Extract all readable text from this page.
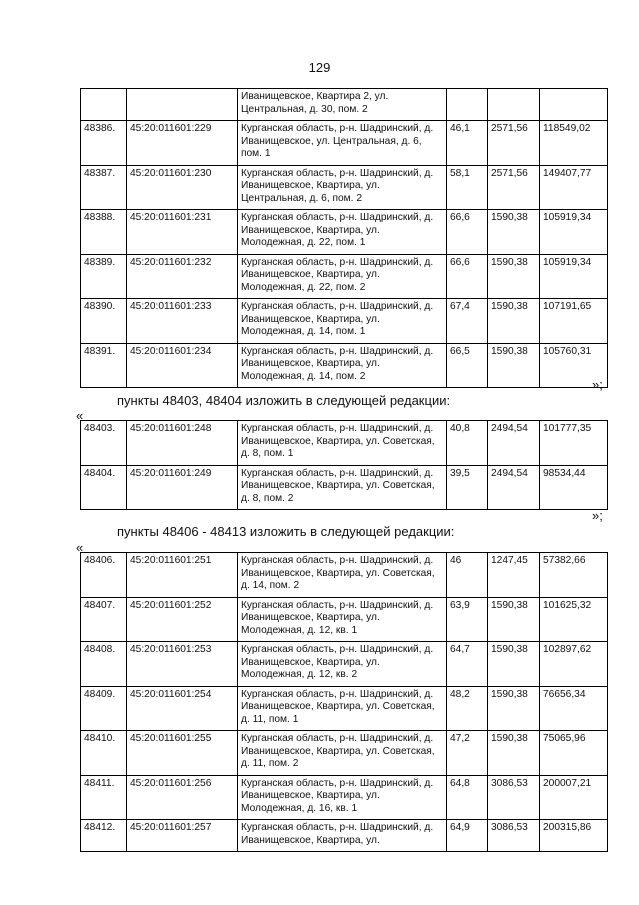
129
		Иванищевское, Квартира 2, ул. Центральная, д. 30, пом. 2			
48386.	45:20:011601:229	Курганская область, р-н. Шадринский, д. Иванищевское, ул. Центральная, д. 6, пом. 1	46,1	2571,56	118549,02
48387.	45:20:011601:230	Курганская область, р-н. Шадринский, д. Иванищевское, Квартира, ул. Центральная, д. 6, пом. 2	58,1	2571,56	149407,77
48388.	45:20:011601:231	Курганская область, р-н. Шадринский, д. Иванищевское, Квартира, ул. Молодежная, д. 22, пом. 1	66,6	1590,38	105919,34
48389.	45:20:011601:232	Курганская область, р-н. Шадринский, д. Иванищевское, Квартира, ул. Молодежная, д. 22, пом. 2	66,6	1590,38	105919,34
48390.	45:20:011601:233	Курганская область, р-н. Шадринский, д. Иванищевское, Квартира, ул. Молодежная, д. 14, пом. 1	67,4	1590,38	107191,65
48391.	45:20:011601:234	Курганская область, р-н. Шадринский, д. Иванищевское, Квартира, ул. Молодежная, д. 14, пом. 2	66,5	1590,38	105760,31
»;
пункты 48403, 48404 изложить в следующей редакции:
«
48403.	45:20:011601:248	Курганская область, р-н. Шадринский, д. Иванищевское, Квартира, ул. Советская, д. 8, пом. 1	40,8	2494,54	101777,35
48404.	45:20:011601:249	Курганская область, р-н. Шадринский, д. Иванищевское, Квартира, ул. Советская, д. 8, пом. 2	39,5	2494,54	98534,44
»;
пункты 48406 - 48413 изложить в следующей редакции:
«
48406.	45:20:011601:251	Курганская область, р-н. Шадринский, д. Иванищевское, Квартира, ул. Советская, д. 14, пом. 2	46	1247,45	57382,66
48407.	45:20:011601:252	Курганская область, р-н. Шадринский, д. Иванищевское, Квартира, ул. Молодежная, д. 12, кв. 1	63,9	1590,38	101625,32
48408.	45:20:011601:253	Курганская область, р-н. Шадринский, д. Иванищевское, Квартира, ул. Молодежная, д. 12, кв. 2	64,7	1590,38	102897,62
48409.	45:20:011601:254	Курганская область, р-н. Шадринский, д. Иванищевское, Квартира, ул. Советская, д. 11, пом. 1	48,2	1590,38	76656,34
48410.	45:20:011601:255	Курганская область, р-н. Шадринский, д. Иванищевское, Квартира, ул. Советская, д. 11, пом. 2	47,2	1590,38	75065,96
48411.	45:20:011601:256	Курганская область, р-н. Шадринский, д. Иванищевское, Квартира, ул. Молодежная, д. 16, кв. 1	64,8	3086,53	200007,21
48412.	45:20:011601:257	Курганская область, р-н. Шадринский, д. Иванищевское, Квартира, ул.	64,9	3086,53	200315,86
